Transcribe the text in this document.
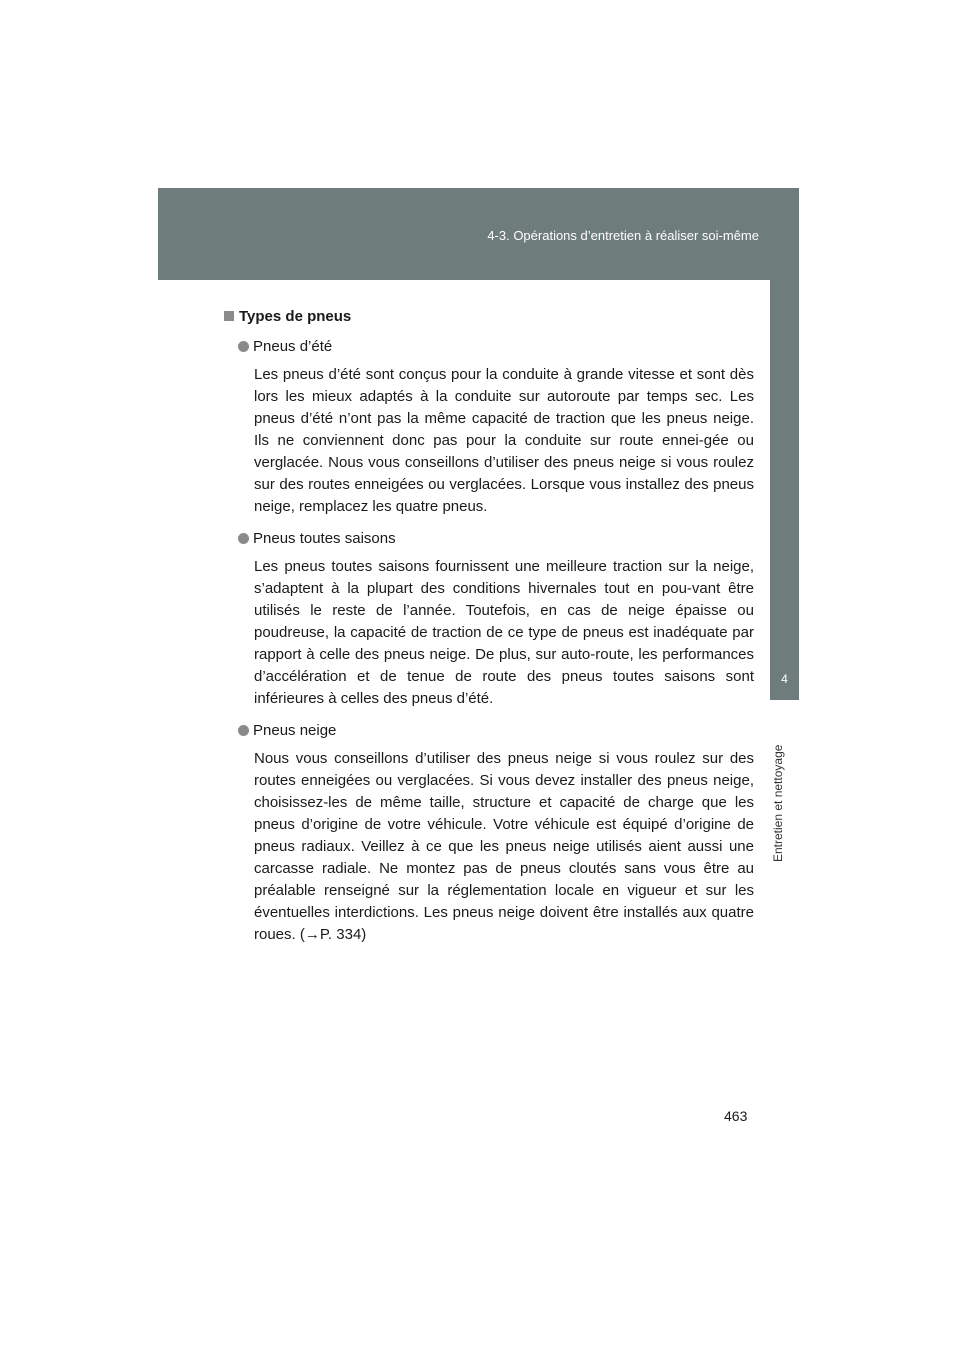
4-3. Opérations d’entretien à réaliser soi-même
4
Entretien et nettoyage
Types de pneus
Pneus d’été

Les pneus d’été sont conçus pour la conduite à grande vitesse et sont dès lors les mieux adaptés à la conduite sur autoroute par temps sec. Les pneus d’été n’ont pas la même capacité de traction que les pneus neige. Ils ne conviennent donc pas pour la conduite sur route ennei-gée ou verglacée. Nous vous conseillons d’utiliser des pneus neige si vous roulez sur des routes enneigées ou verglacées. Lorsque vous installez des pneus neige, remplacez les quatre pneus.

Pneus toutes saisons

Les pneus toutes saisons fournissent une meilleure traction sur la neige, s’adaptent à la plupart des conditions hivernales tout en pou-vant être utilisés le reste de l’année. Toutefois, en cas de neige épaisse ou poudreuse, la capacité de traction de ce type de pneus est inadéquate par rapport à celle des pneus neige. De plus, sur auto-route, les performances d’accélération et de tenue de route des pneus toutes saisons sont inférieures à celles des pneus d’été.

Pneus neige

Nous vous conseillons d’utiliser des pneus neige si vous roulez sur des routes enneigées ou verglacées. Si vous devez installer des pneus neige, choisissez-les de même taille, structure et capacité de charge que les pneus d’origine de votre véhicule. Votre véhicule est équipé d’origine de pneus radiaux. Veillez à ce que les pneus neige utilisés aient aussi une carcasse radiale. Ne montez pas de pneus cloutés sans vous être au préalable renseigné sur la réglementation locale en vigueur et sur les éventuelles interdictions. Les pneus neige doivent être installés aux quatre roues. (→P. 334)

463
